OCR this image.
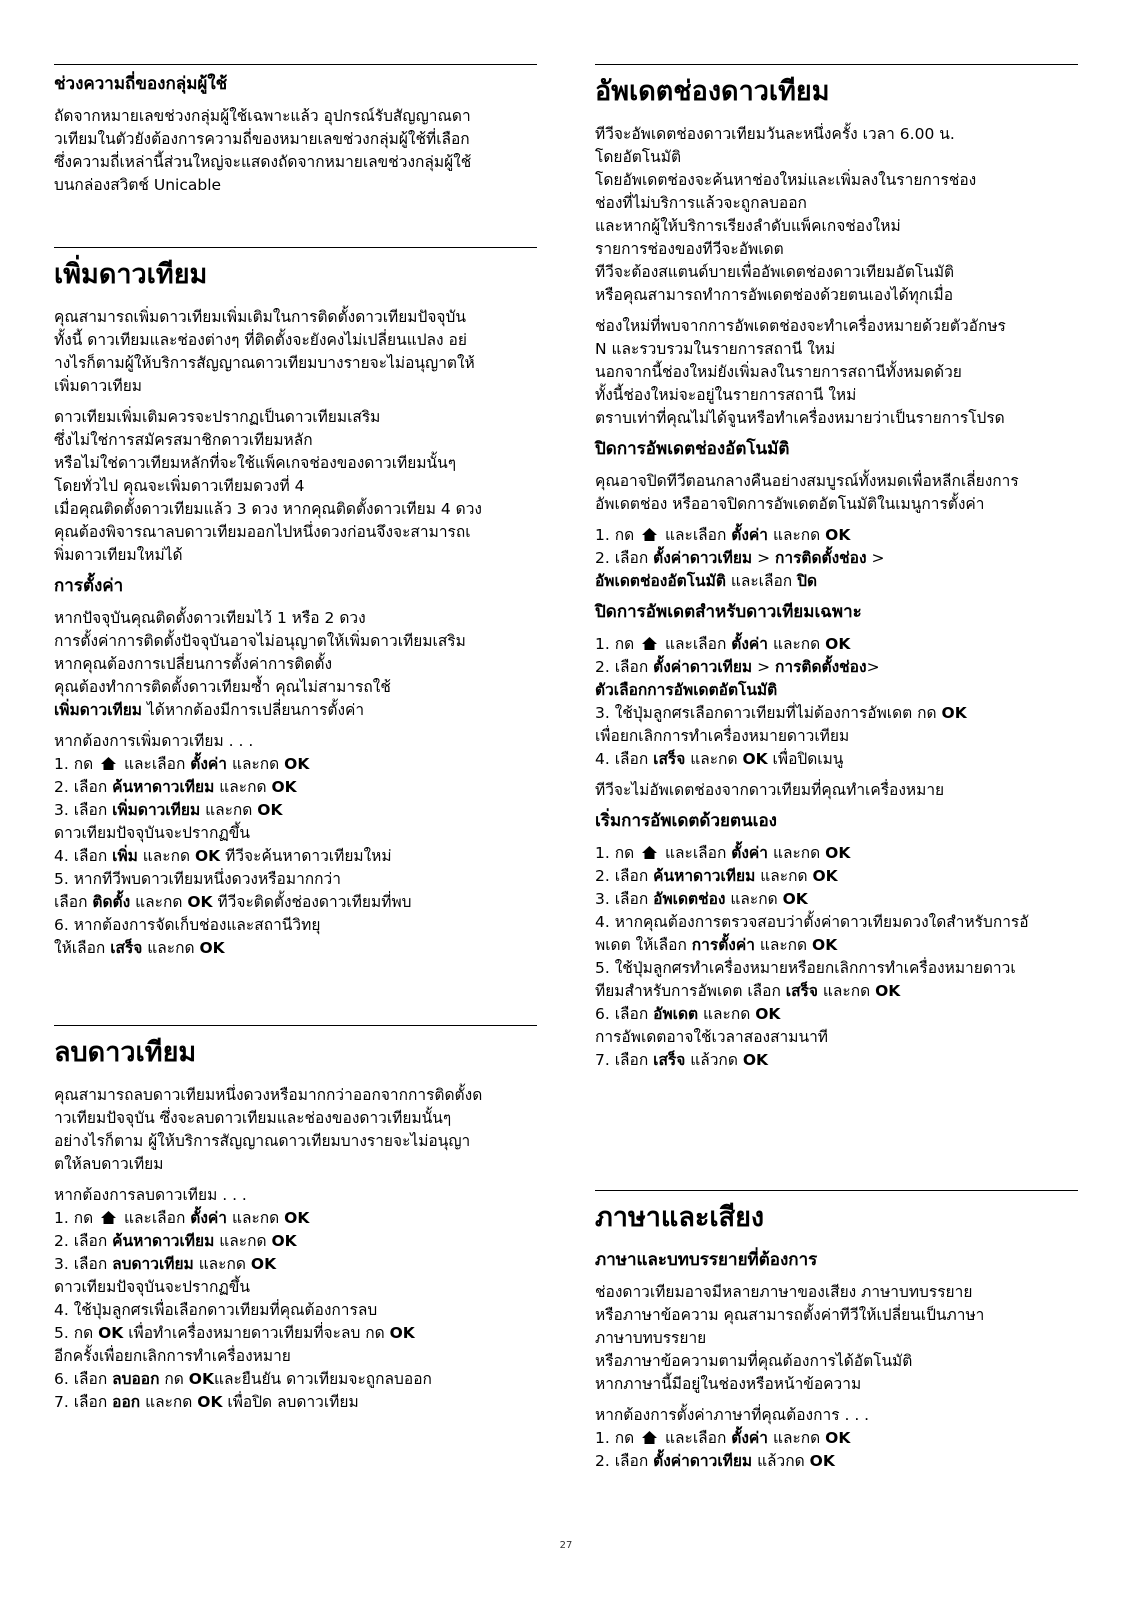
ช่วงความถี่ของกลุ่มผู้ใช้
ถัดจากหมายเลขช่วงกลุ่มผู้ใช้เฉพาะแล้ว อุปกรณ์รับสัญญาณดา
วเทียมในตัวยังต้องการความถี่ของหมายเลขช่วงกลุ่มผู้ใช้ที่เลือก
ซึ่งความถี่เหล่านี้ส่วนใหญ่จะแสดงถัดจากหมายเลขช่วงกลุ่มผู้ใช้
บนกล่องสวิตช์ Unicable
เพิ่มดาวเทียม
คุณสามารถเพิ่มดาวเทียมเพิ่มเติมในการติดตั้งดาวเทียมปัจจุบัน
ทั้งนี้ ดาวเทียมและช่องต่างๆ ที่ติดตั้งจะยังคงไม่เปลี่ยนแปลง อย่
างไรก็ตามผู้ให้บริการสัญญาณดาวเทียมบางรายจะไม่อนุญาตให้
เพิ่มดาวเทียม
ดาวเทียมเพิ่มเติมควรจะปรากฏเป็นดาวเทียมเสริม
ซึ่งไม่ใช่การสมัครสมาชิกดาวเทียมหลัก
หรือไม่ใช่ดาวเทียมหลักที่จะใช้แพ็คเกจช่องของดาวเทียมนั้นๆ
โดยทั่วไป คุณจะเพิ่มดาวเทียมดวงที่ 4
เมื่อคุณติดตั้งดาวเทียมแล้ว 3 ดวง หากคุณติดตั้งดาวเทียม 4 ดวง
คุณต้องพิจารณาลบดาวเทียมออกไปหนึ่งดวงก่อนจึงจะสามารถเ
พิ่มดาวเทียมใหม่ได้
การตั้งค่า
หากปัจจุบันคุณติดตั้งดาวเทียมไว้ 1 หรือ 2 ดวง
การตั้งค่าการติดตั้งปัจจุบันอาจไม่อนุญาตให้เพิ่มดาวเทียมเสริม
หากคุณต้องการเปลี่ยนการตั้งค่าการติดตั้ง
คุณต้องทำการติดตั้งดาวเทียมซ้ำ คุณไม่สามารถใช้
เพิ่มดาวเทียม ได้หากต้องมีการเปลี่ยนการตั้งค่า
หากต้องการเพิ่มดาวเทียม . . .
1. กด และเลือก ตั้งค่า และกด OK
2. เลือก ค้นหาดาวเทียม และกด OK
3. เลือก เพิ่มดาวเทียม และกด OK
ดาวเทียมปัจจุบันจะปรากฏขึ้น
4. เลือก เพิ่ม และกด OK ทีวีจะค้นหาดาวเทียมใหม่
5. หากทีวีพบดาวเทียมหนึ่งดวงหรือมากกว่า
เลือก ติดตั้ง และกด OK ทีวีจะติดตั้งช่องดาวเทียมที่พบ
6. หากต้องการจัดเก็บช่องและสถานีวิทยุ
ให้เลือก เสร็จ และกด OK
ลบดาวเทียม
คุณสามารถลบดาวเทียมหนึ่งดวงหรือมากกว่าออกจากการติดตั้งด
าวเทียมปัจจุบัน ซึ่งจะลบดาวเทียมและช่องของดาวเทียมนั้นๆ
อย่างไรก็ตาม ผู้ให้บริการสัญญาณดาวเทียมบางรายจะไม่อนุญา
ตให้ลบดาวเทียม
หากต้องการลบดาวเทียม . . .
1. กด และเลือก ตั้งค่า และกด OK
2. เลือก ค้นหาดาวเทียม และกด OK
3. เลือก ลบดาวเทียม และกด OK
ดาวเทียมปัจจุบันจะปรากฏขึ้น
4. ใช้ปุ่มลูกศรเพื่อเลือกดาวเทียมที่คุณต้องการลบ
5. กด OK เพื่อทำเครื่องหมายดาวเทียมที่จะลบ กด OK
อีกครั้งเพื่อยกเลิกการทำเครื่องหมาย
6. เลือก ลบออก กด OKและยืนยัน ดาวเทียมจะถูกลบออก
7. เลือก ออก และกด OK เพื่อปิด ลบดาวเทียม
อัพเดตช่องดาวเทียม
ทีวีจะอัพเดตช่องดาวเทียมวันละหนึ่งครั้ง เวลา 6.00 น.
โดยอัตโนมัติ
โดยอัพเดตช่องจะค้นหาช่องใหม่และเพิ่มลงในรายการช่อง
ช่องที่ไม่บริการแล้วจะถูกลบออก
และหากผู้ให้บริการเรียงลำดับแพ็คเกจช่องใหม่
รายการช่องของทีวีจะอัพเดต
ทีวีจะต้องสแตนด์บายเพื่ออัพเดตช่องดาวเทียมอัตโนมัติ
หรือคุณสามารถทำการอัพเดตช่องด้วยตนเองได้ทุกเมื่อ
ช่องใหม่ที่พบจากการอัพเดตช่องจะทำเครื่องหมายด้วยตัวอักษร
N และรวบรวมในรายการสถานี ใหม่
นอกจากนี้ช่องใหม่ยังเพิ่มลงในรายการสถานีทั้งหมดด้วย
ทั้งนี้ช่องใหม่จะอยู่ในรายการสถานี ใหม่
ตราบเท่าที่คุณไม่ได้จูนหรือทำเครื่องหมายว่าเป็นรายการโปรด
ปิดการอัพเดตช่องอัตโนมัติ
คุณอาจปิดทีวีตอนกลางคืนอย่างสมบูรณ์ทั้งหมดเพื่อหลีกเลี่ยงการ
อัพเดตช่อง หรืออาจปิดการอัพเดตอัตโนมัติในเมนูการตั้งค่า
1. กด และเลือก ตั้งค่า และกด OK
2. เลือก ตั้งค่าดาวเทียม > การติดตั้งช่อง >
อัพเดตช่องอัตโนมัติ และเลือก ปิด
ปิดการอัพเดตสำหรับดาวเทียมเฉพาะ
1. กด และเลือก ตั้งค่า และกด OK
2. เลือก ตั้งค่าดาวเทียม > การติดตั้งช่อง>
ตัวเลือกการอัพเดตอัตโนมัติ
3. ใช้ปุ่มลูกศรเลือกดาวเทียมที่ไม่ต้องการอัพเดต กด OK
เพื่อยกเลิกการทำเครื่องหมายดาวเทียม
4. เลือก เสร็จ และกด OK เพื่อปิดเมนู
ทีวีจะไม่อัพเดตช่องจากดาวเทียมที่คุณทำเครื่องหมาย
เริ่มการอัพเดตด้วยตนเอง
1. กด และเลือก ตั้งค่า และกด OK
2. เลือก ค้นหาดาวเทียม และกด OK
3. เลือก อัพเดตช่อง และกด OK
4. หากคุณต้องการตรวจสอบว่าตั้งค่าดาวเทียมดวงใดสำหรับการอั
พเดต ให้เลือก การตั้งค่า และกด OK
5. ใช้ปุ่มลูกศรทำเครื่องหมายหรือยกเลิกการทำเครื่องหมายดาวเ
ทียมสำหรับการอัพเดต เลือก เสร็จ และกด OK
6. เลือก อัพเดต และกด OK
การอัพเดตอาจใช้เวลาสองสามนาที
7. เลือก เสร็จ แล้วกด OK
ภาษาและเสียง
ภาษาและบทบรรยายที่ต้องการ
ช่องดาวเทียมอาจมีหลายภาษาของเสียง ภาษาบทบรรยาย
หรือภาษาข้อความ คุณสามารถตั้งค่าทีวีให้เปลี่ยนเป็นภาษา
ภาษาบทบรรยาย
หรือภาษาข้อความตามที่คุณต้องการได้อัตโนมัติ
หากภาษานี้มีอยู่ในช่องหรือหน้าข้อความ
หากต้องการตั้งค่าภาษาที่คุณต้องการ . . .
1. กด และเลือก ตั้งค่า และกด OK
2. เลือก ตั้งค่าดาวเทียม แล้วกด OK
27
